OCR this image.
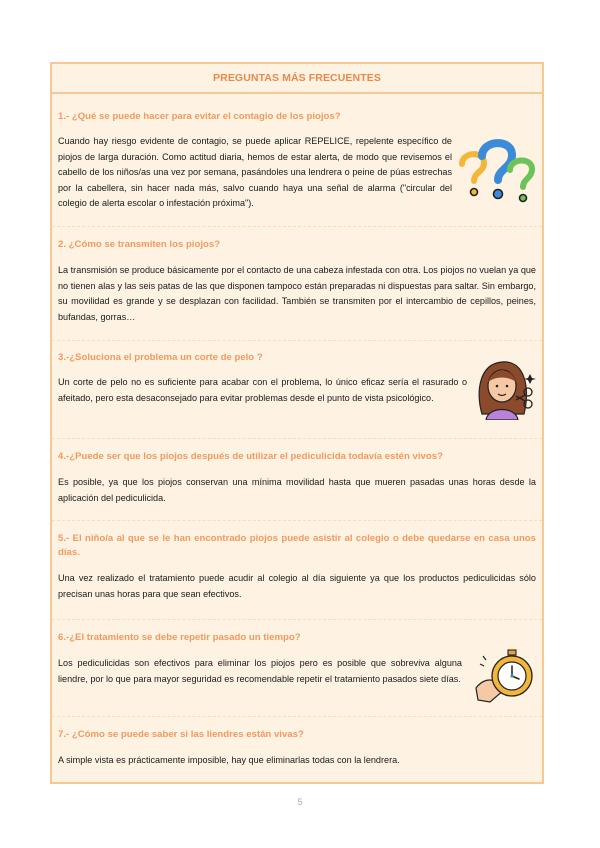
PREGUNTAS MÁS FRECUENTES

1.- ¿Qué se puede hacer para evitar el contagio de los piojos?

Cuando hay riesgo evidente de contagio, se puede aplicar REPELICE, repelente específico de piojos de larga duración. Como actitud diaria, hemos de estar alerta, de modo que revisemos el cabello de los niños/as una vez por semana, pasándoles una lendrera o peine de púas estrechas por la cabellera, sin hacer nada más, salvo cuando haya una señal de alarma ("circular del colegio de alerta escolar o infestación próxima").

2. ¿Cómo se transmiten los piojos?

La transmisión se produce básicamente por el contacto de una cabeza infestada con otra. Los piojos no vuelan ya que no tienen alas y las seis patas de las que disponen tampoco están preparadas ni dispuestas para saltar. Sin embargo, su movilidad es grande y se desplazan con facilidad. También se transmiten por el intercambio de cepillos, peines, bufandas, gorras…

3.-¿Soluciona el problema un corte de pelo ?

Un corte de pelo no es suficiente para acabar con el problema, lo único eficaz sería el rasurado o afeitado, pero esta desaconsejado para evitar problemas desde el punto de vista psicológico.

4.-¿Puede ser que los piojos después de utilizar el pediculicida todavía estén vivos?

Es posible, ya que los piojos conservan una mínima movilidad hasta que mueren pasadas unas horas desde la aplicación del pediculicida.

5.- El niño/a al que se le han encontrado piojos puede asistir al colegio o debe quedarse en casa unos días.

Una vez realizado el tratamiento puede acudir al colegio al día siguiente ya que los productos pediculicidas sólo precisan unas horas para que sean efectivos.

6.-¿El tratamiento se debe repetir pasado un tiempo?

Los pediculicidas son efectivos para eliminar los piojos pero es posible que sobreviva alguna liendre, por lo que para mayor seguridad es recomendable repetir el tratamiento pasados siete días.

7.- ¿Cómo se puede saber si las liendres están vivas?

A simple vista es prácticamente imposible, hay que eliminarlas todas con la lendrera.

5
